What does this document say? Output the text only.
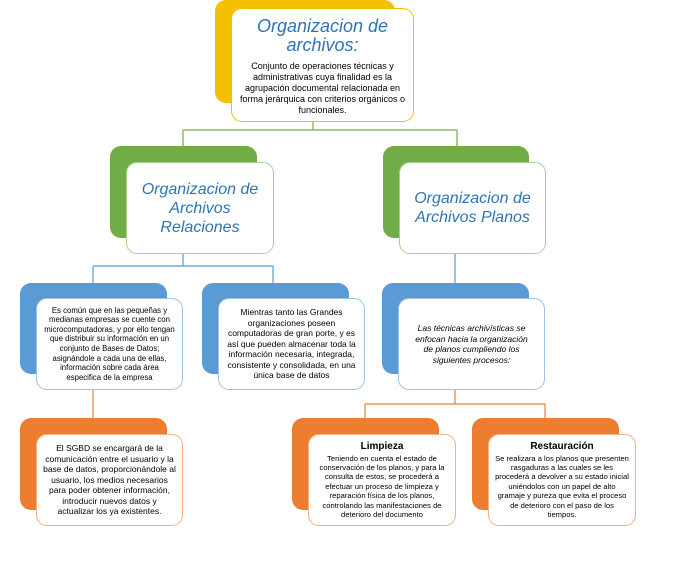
Organizacion de archivos:
Conjunto de operaciones técnicas y administrativas cuya finalidad es la agrupación documental relacionada en forma jerárquica con criterios orgánicos o funcionales.
Organizacion de Archivos Relaciones
Organizacion de Archivos Planos
Es común que en las pequeñas y medianas empresas se cuente con microcomputadoras, y por ello tengan que distribuir su información en un conjunto de Bases de Datos; asignándole a cada una de ellas, información sobre cada área especifica de la empresa
Mientras tanto las Grandes organizaciones poseen computadoras de gran porte, y es así que pueden almacenar toda la información necesaria, integrada, consistente y consolidada, en una única base de datos
Las técnicas archivísticas se enfocan hacia la organización de planos cumpliendo los siguientes procesos:
El SGBD se encargará de la comunicación entre el usuario y la base de datos, proporcionándole al usuario, los medios necesarios para poder obtener información, introducir nuevos datos y actualizar los ya existentes.
Limpieza
Teniendo en cuenta el estado de conservación de los planos, y para la consulta de estos, se procederá a efectuar un proceso de limpieza y reparación física de los planos, controlando las manifestaciones de deterioro del documento
Restauración
Se realizara a los planos que presenten rasgaduras a las cuales se les procederá a devolver a su estado inicial uniéndolos con un papel de alto gramaje y pureza que evita el proceso de deterioro con el paso de los tiempos.
